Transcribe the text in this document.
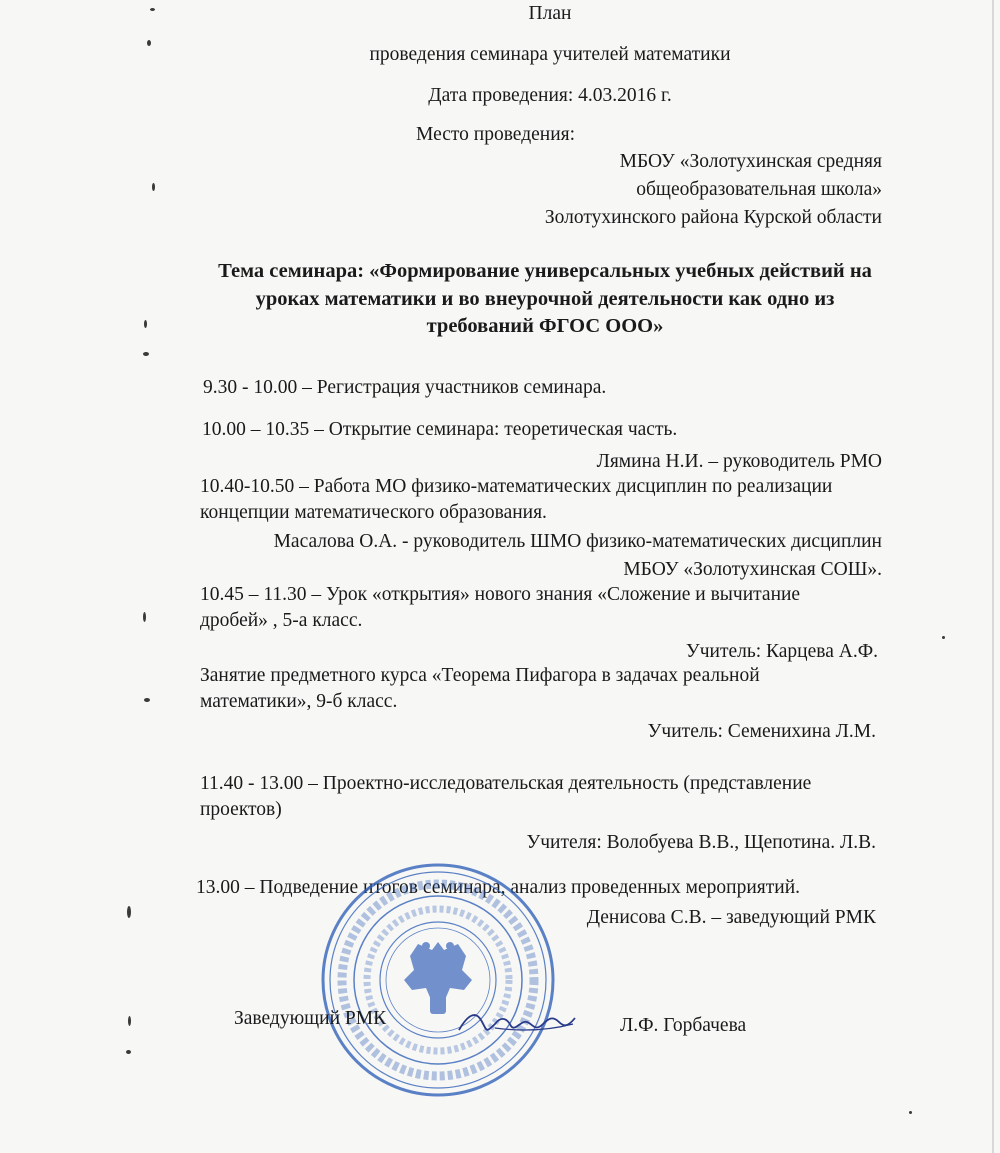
План
проведения семинара учителей математики
Дата проведения: 4.03.2016 г.
Место проведения:
МБОУ «Золотухинская средняя
общеобразовательная школа»
Золотухинского района Курской области
Тема семинара: «Формирование универсальных учебных действий на
уроках математики и во внеурочной деятельности как одно из
требований ФГОС ООО»
9.30 - 10.00 – Регистрация участников семинара.
10.00 – 10.35 – Открытие семинара: теоретическая часть.
Лямина Н.И. – руководитель РМО
10.40-10.50 – Работа МО физико-математических дисциплин по реализации
концепции математического образования.
Масалова О.А. - руководитель ШМО физико-математических дисциплин
МБОУ «Золотухинская СОШ».
10.45 – 11.30 – Урок «открытия» нового знания «Сложение и вычитание
дробей» , 5-а класс.
Учитель: Карцева А.Ф.
Занятие предметного курса «Теорема Пифагора в задачах реальной
математики», 9-б класс.
Учитель: Семенихина Л.М.
11.40 - 13.00 – Проектно-исследовательская деятельность (представление
проектов)
Учителя: Волобуева В.В., Щепотина. Л.В.
13.00 – Подведение итогов семинара, анализ проведенных мероприятий.
Денисова С.В. – заведующий РМК
Заведующий РМК	Л.Ф. Горбачева
